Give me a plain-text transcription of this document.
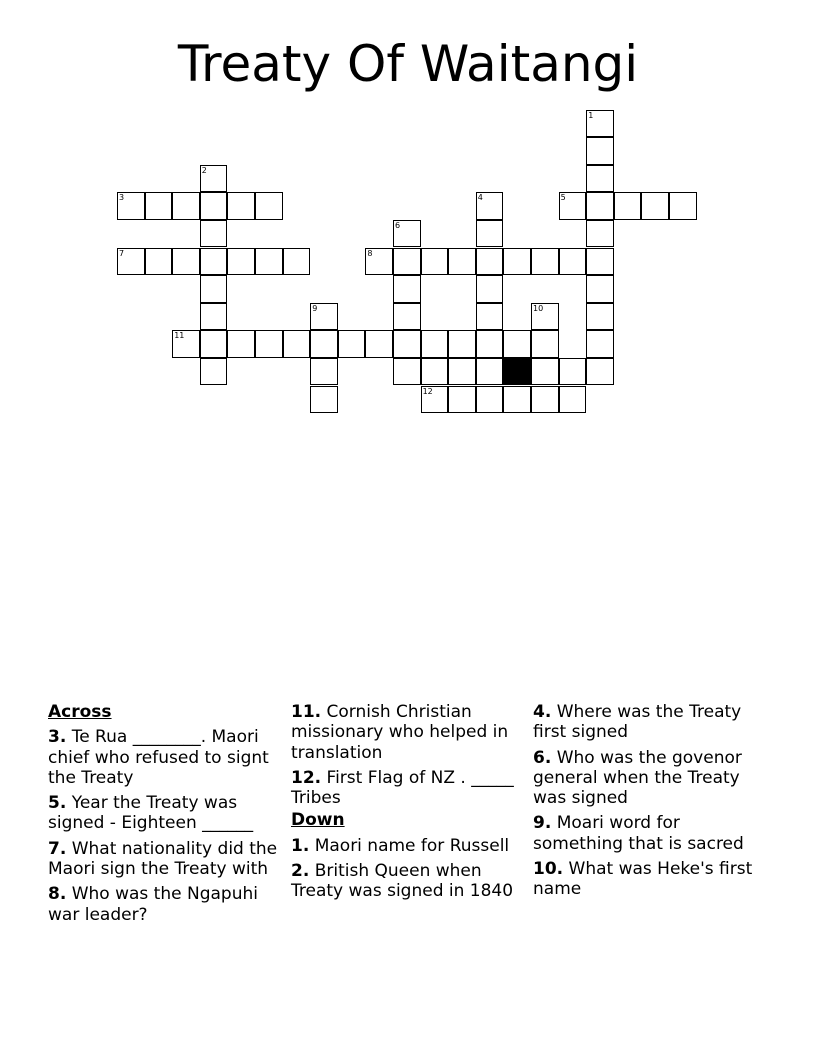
Treaty Of Waitangi
1
2
3	4	5
6
7	8
9	10
11
12
Across
3. Te Rua ________. Maori chief who refused to signt the Treaty
5. Year the Treaty was signed - Eighteen ______
7. What nationality did the Maori sign the Treaty with
8. Who was the Ngapuhi war leader?
11. Cornish Christian missionary who helped in translation
12. First Flag of NZ . _____ Tribes
Down
1. Maori name for Russell
2. British Queen when Treaty was signed in 1840
4. Where was the Treaty first signed
6. Who was the govenor general when the Treaty was signed
9. Moari word for something that is sacred
10. What was Heke's first name
